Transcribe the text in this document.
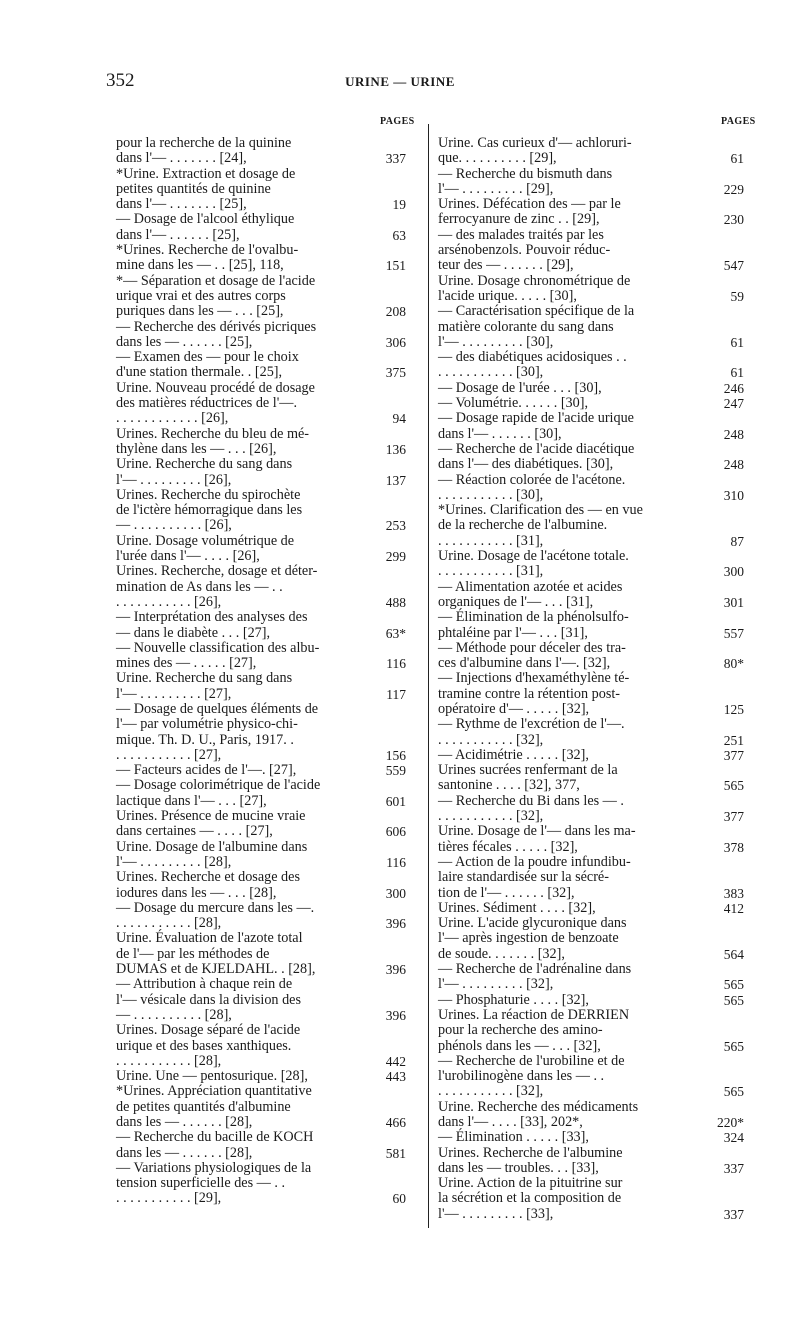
352	URINE — URINE
PAGES
pour la recherche de la quinine
dans l'— . . . . . . . [24],	337
*Urine. Extraction et dosage de
petites quantités de quinine
dans l'— . . . . . . . [25],	19
— Dosage de l'alcool éthylique
dans l'— . . . . . . [25],	63
*Urines. Recherche de l'ovalbu-
mine dans les — . . [25], 118,	151
*— Séparation et dosage de l'acide
urique vrai et des autres corps
puriques dans les — . . . [25],	208
— Recherche des dérivés picriques
dans les — . . . . . . [25],	306
— Examen des — pour le choix
d'une station thermale. . [25],	375
Urine. Nouveau procédé de dosage
des matières réductrices de l'—.
. . . . . . . . . . . . [26],	94
Urines. Recherche du bleu de mé-
thylène dans les — . . . [26],	136
Urine. Recherche du sang dans
l'— . . . . . . . . . [26],	137
Urines. Recherche du spirochète
de l'ictère hémorragique dans les
— . . . . . . . . . . [26],	253
Urine. Dosage volumétrique de
l'urée dans l'— . . . . [26],	299
Urines. Recherche, dosage et déter-
mination de As dans les — . .
. . . . . . . . . . . [26],	488
— Interprétation des analyses des
— dans le diabète . . . [27],	63*
— Nouvelle classification des albu-
mines des — . . . . . [27],	116
Urine. Recherche du sang dans
l'— . . . . . . . . . [27],	117
— Dosage de quelques éléments de
l'— par volumétrie physico-chi-
mique. Th. D. U., Paris, 1917. .
. . . . . . . . . . . [27],	156
— Facteurs acides de l'—. [27],	559
— Dosage colorimétrique de l'acide
lactique dans l'— . . . [27],	601
Urines. Présence de mucine vraie
dans certaines — . . . . [27],	606
Urine. Dosage de l'albumine dans
l'— . . . . . . . . . [28],	116
Urines. Recherche et dosage des
iodures dans les — . . . [28],	300
— Dosage du mercure dans les —.
. . . . . . . . . . . [28],	396
Urine. Évaluation de l'azote total
de l'— par les méthodes de
DUMAS et de KJELDAHL. . [28],	396
— Attribution à chaque rein de
l'— vésicale dans la division des
— . . . . . . . . . . [28],	396
Urines. Dosage séparé de l'acide
urique et des bases xanthiques.
. . . . . . . . . . . [28],	442
Urine. Une — pentosurique. [28],	443
*Urines. Appréciation quantitative
de petites quantités d'albumine
dans les — . . . . . . [28],	466
— Recherche du bacille de KOCH
dans les — . . . . . . [28],	581
— Variations physiologiques de la
tension superficielle des — . .
. . . . . . . . . . . [29],	60
PAGES
Urine. Cas curieux d'— achloruri-
que. . . . . . . . . . [29],	61
— Recherche du bismuth dans
l'— . . . . . . . . . [29],	229
Urines. Défécation des — par le
ferrocyanure de zinc . . [29],	230
— des malades traités par les
arsénobenzols. Pouvoir réduc-
teur des — . . . . . . [29],	547
Urine. Dosage chronométrique de
l'acide urique. . . . . [30],	59
— Caractérisation spécifique de la
matière colorante du sang dans
l'— . . . . . . . . . [30],	61
— des diabétiques acidosiques . .
. . . . . . . . . . . [30],	61
— Dosage de l'urée . . . [30],	246
— Volumétrie. . . . . . [30],	247
— Dosage rapide de l'acide urique
dans l'— . . . . . . [30],	248
— Recherche de l'acide diacétique
dans l'— des diabétiques. [30],	248
— Réaction colorée de l'acétone.
. . . . . . . . . . . [30],	310
*Urines. Clarification des — en vue
de la recherche de l'albumine.
. . . . . . . . . . . [31],	87
Urine. Dosage de l'acétone totale.
. . . . . . . . . . . [31],	300
— Alimentation azotée et acides
organiques de l'— . . . [31],	301
— Élimination de la phénolsulfo-
phtaléine par l'— . . . [31],	557
— Méthode pour déceler des tra-
ces d'albumine dans l'—. [32],	80*
— Injections d'hexaméthylène té-
tramine contre la rétention post-
opératoire d'— . . . . . [32],	125
— Rythme de l'excrétion de l'—.
. . . . . . . . . . . [32],	251
— Acidimétrie . . . . . [32],	377
Urines sucrées renfermant de la
santonine . . . . [32], 377,	565
— Recherche du Bi dans les — .
. . . . . . . . . . . [32],	377
Urine. Dosage de l'— dans les ma-
tières fécales . . . . . [32],	378
— Action de la poudre infundibu-
laire standardisée sur la sécré-
tion de l'— . . . . . . [32],	383
Urines. Sédiment . . . . [32],	412
Urine. L'acide glycuronique dans
l'— après ingestion de benzoate
de soude. . . . . . . [32],	564
— Recherche de l'adrénaline dans
l'— . . . . . . . . . [32],	565
— Phosphaturie . . . . [32],	565
Urines. La réaction de DERRIEN
pour la recherche des amino-
phénols dans les — . . . [32],	565
— Recherche de l'urobiline et de
l'urobilinogène dans les — . .
. . . . . . . . . . . [32],	565
Urine. Recherche des médicaments
dans l'— . . . . [33], 202*,	220*
— Élimination . . . . . [33],	324
Urines. Recherche de l'albumine
dans les — troubles. . . [33],	337
Urine. Action de la pituitrine sur
la sécrétion et la composition de
l'— . . . . . . . . . [33],	337
